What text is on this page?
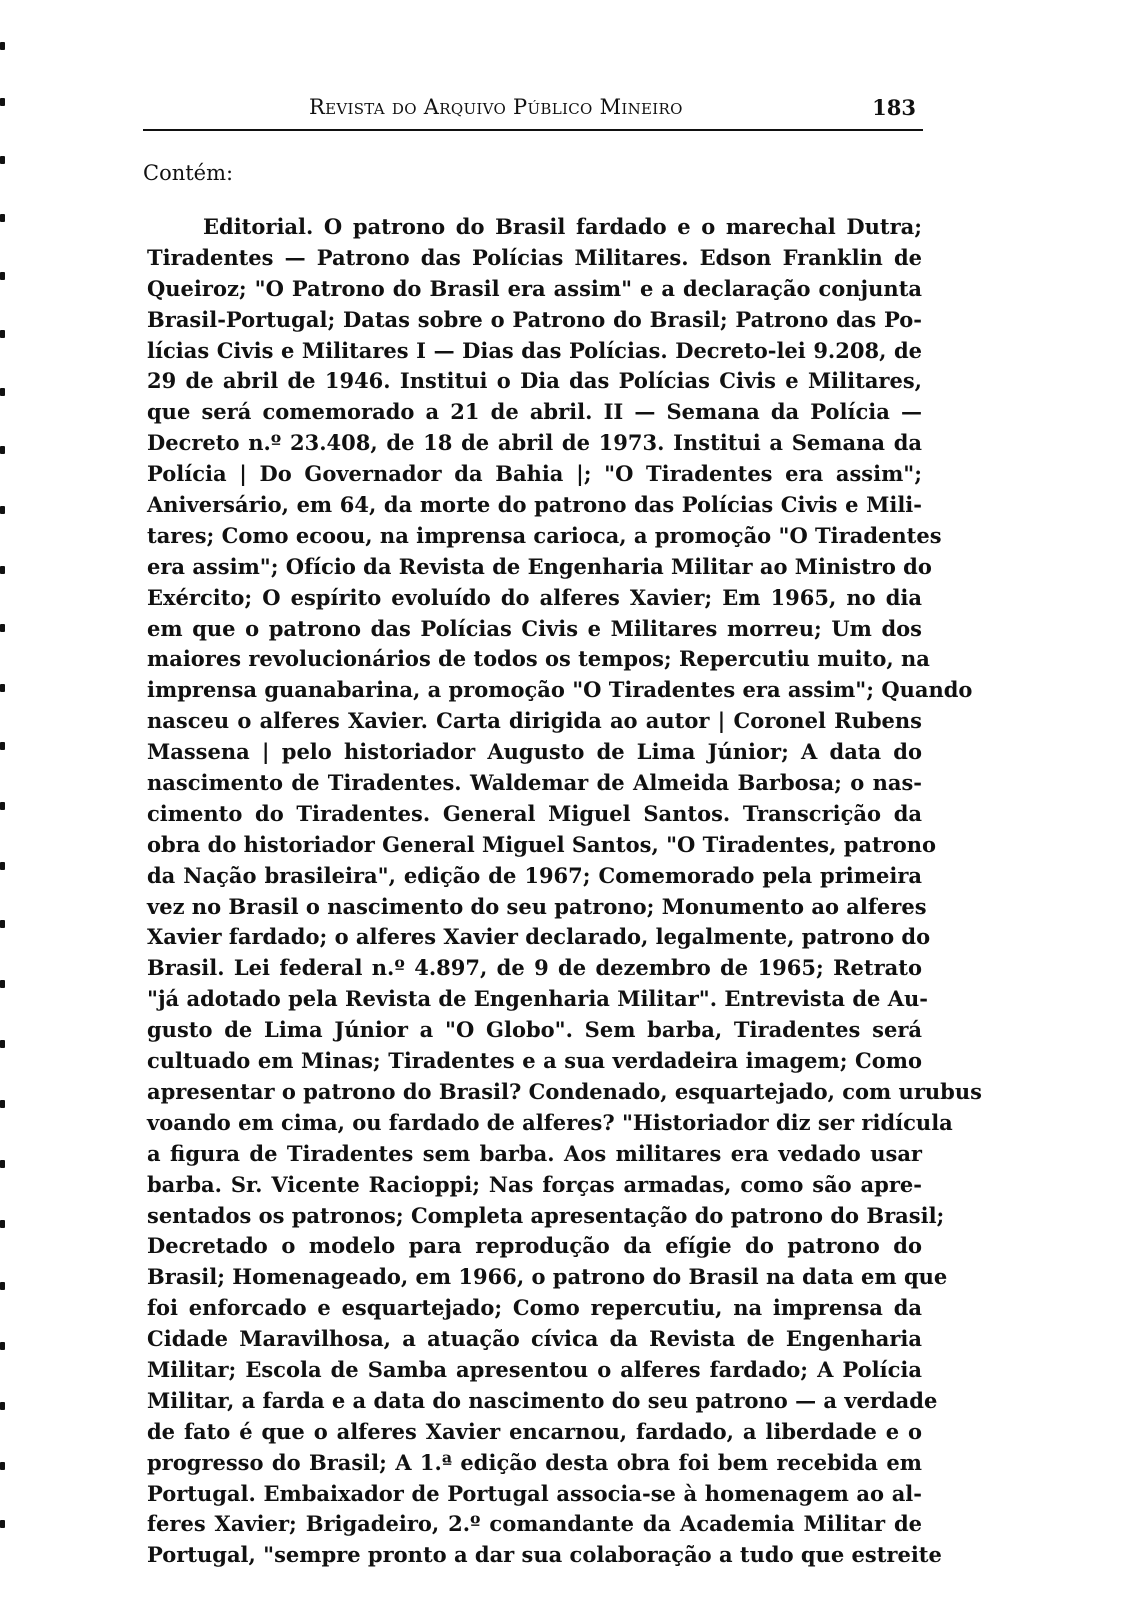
Revista do Arquivo Público Mineiro	183
Contém:
Editorial. O patrono do Brasil fardado e o marechal Dutra;
Tiradentes — Patrono das Polícias Militares. Edson Franklin de
Queiroz; "O Patrono do Brasil era assim" e a declaração conjunta
Brasil-Portugal; Datas sobre o Patrono do Brasil; Patrono das Po-
lícias Civis e Militares I — Dias das Polícias. Decreto-lei 9.208, de
29 de abril de 1946. Institui o Dia das Polícias Civis e Militares,
que será comemorado a 21 de abril. II — Semana da Polícia —
Decreto n.º 23.408, de 18 de abril de 1973. Institui a Semana da
Polícia | Do Governador da Bahia |; "O Tiradentes era assim";
Aniversário, em 64, da morte do patrono das Polícias Civis e Mili-
tares; Como ecoou, na imprensa carioca, a promoção "O Tiradentes
era assim"; Ofício da Revista de Engenharia Militar ao Ministro do
Exército; O espírito evoluído do alferes Xavier; Em 1965, no dia
em que o patrono das Polícias Civis e Militares morreu; Um dos
maiores revolucionários de todos os tempos; Repercutiu muito, na
imprensa guanabarina, a promoção "O Tiradentes era assim"; Quando
nasceu o alferes Xavier. Carta dirigida ao autor | Coronel Rubens
Massena | pelo historiador Augusto de Lima Júnior; A data do
nascimento de Tiradentes. Waldemar de Almeida Barbosa; o nas-
cimento do Tiradentes. General Miguel Santos. Transcrição da
obra do historiador General Miguel Santos, "O Tiradentes, patrono
da Nação brasileira", edição de 1967; Comemorado pela primeira
vez no Brasil o nascimento do seu patrono; Monumento ao alferes
Xavier fardado; o alferes Xavier declarado, legalmente, patrono do
Brasil. Lei federal n.º 4.897, de 9 de dezembro de 1965; Retrato
"já adotado pela Revista de Engenharia Militar". Entrevista de Au-
gusto de Lima Júnior a "O Globo". Sem barba, Tiradentes será
cultuado em Minas; Tiradentes e a sua verdadeira imagem; Como
apresentar o patrono do Brasil? Condenado, esquartejado, com urubus
voando em cima, ou fardado de alferes? "Historiador diz ser ridícula
a figura de Tiradentes sem barba. Aos militares era vedado usar
barba. Sr. Vicente Racioppi; Nas forças armadas, como são apre-
sentados os patronos; Completa apresentação do patrono do Brasil;
Decretado o modelo para reprodução da efígie do patrono do
Brasil; Homenageado, em 1966, o patrono do Brasil na data em que
foi enforcado e esquartejado; Como repercutiu, na imprensa da
Cidade Maravilhosa, a atuação cívica da Revista de Engenharia
Militar; Escola de Samba apresentou o alferes fardado; A Polícia
Militar, a farda e a data do nascimento do seu patrono — a verdade
de fato é que o alferes Xavier encarnou, fardado, a liberdade e o
progresso do Brasil; A 1.ª edição desta obra foi bem recebida em
Portugal. Embaixador de Portugal associa-se à homenagem ao al-
feres Xavier; Brigadeiro, 2.º comandante da Academia Militar de
Portugal, "sempre pronto a dar sua colaboração a tudo que estreite
